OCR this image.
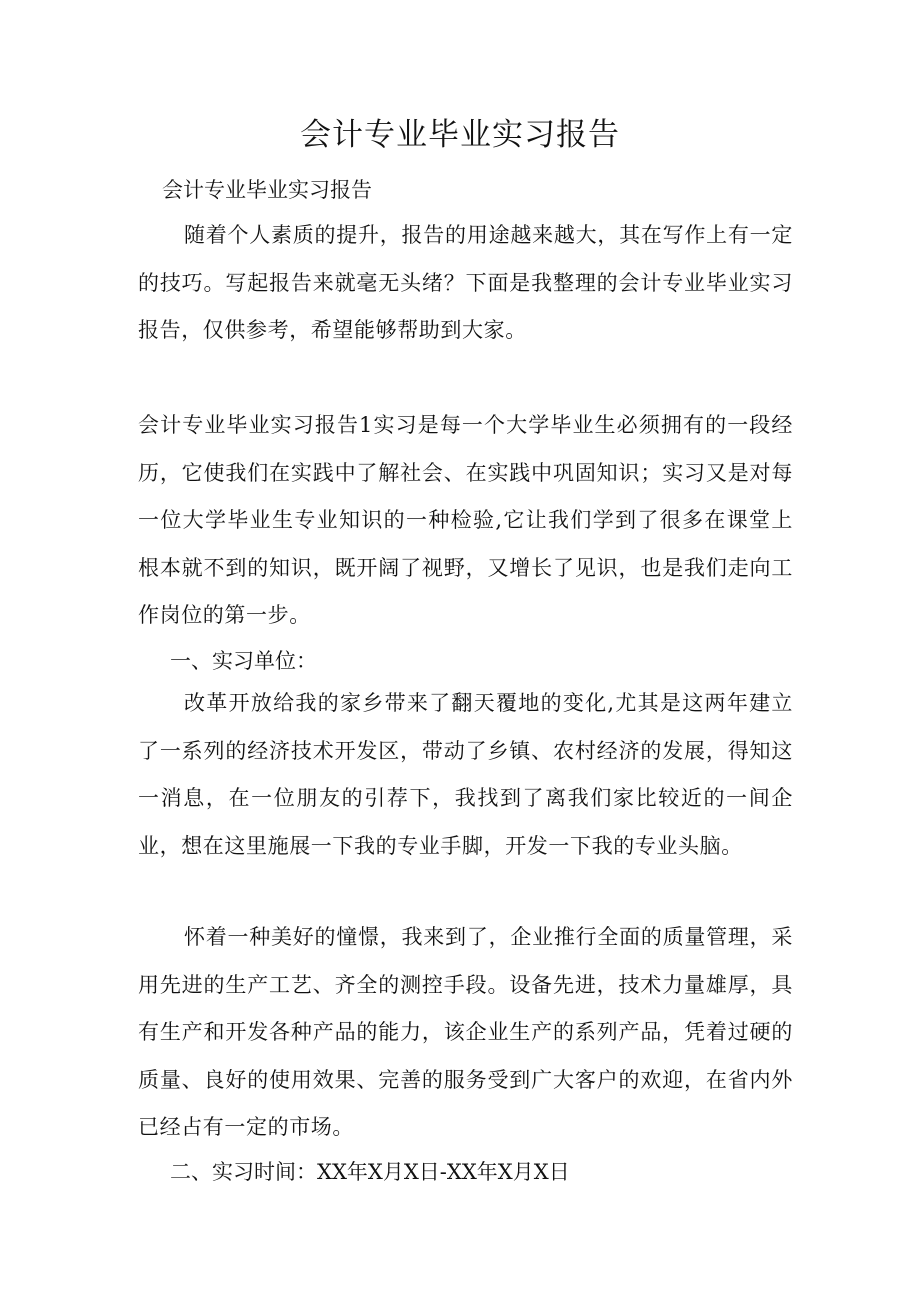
会计专业毕业实习报告
会计专业毕业实习报告

随着个人素质的提升，报告的用途越来越大，其在写作上有一定的技巧。写起报告来就毫无头绪？下面是我整理的会计专业毕业实习报告，仅供参考，希望能够帮助到大家。

会计专业毕业实习报告1实习是每一个大学毕业生必须拥有的一段经历，它使我们在实践中了解社会、在实践中巩固知识；实习又是对每一位大学毕业生专业知识的一种检验,它让我们学到了很多在课堂上根本就不到的知识，既开阔了视野，又增长了见识，也是我们走向工作岗位的第一步。

一、实习单位：

改革开放给我的家乡带来了翻天覆地的变化,尤其是这两年建立了一系列的经济技术开发区，带动了乡镇、农村经济的发展，得知这一消息，在一位朋友的引荐下，我找到了离我们家比较近的一间企业，想在这里施展一下我的专业手脚，开发一下我的专业头脑。

怀着一种美好的憧憬，我来到了，企业推行全面的质量管理，采用先进的生产工艺、齐全的测控手段。设备先进，技术力量雄厚，具有生产和开发各种产品的能力，该企业生产的系列产品，凭着过硬的质量、良好的使用效果、完善的服务受到广大客户的欢迎，在省内外已经占有一定的市场。

二、实习时间：XX年X月X日-XX年X月X日
